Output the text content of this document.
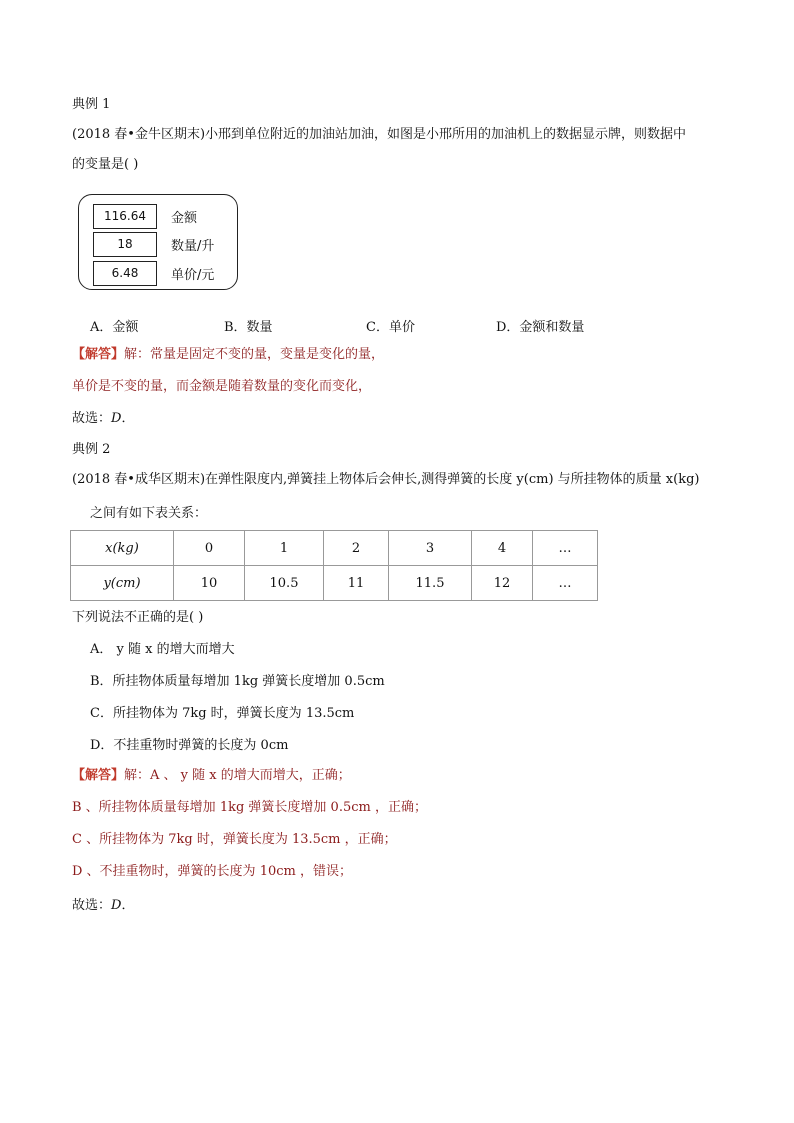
典例 1
(2018 春•金牛区期末)小邢到单位附近的加油站加油，如图是小邢所用的加油机上的数据显示牌，则数据中
的变量是( )
116.64	金额
18	数量/升
6.48	单价/元
A．金额	B．数量	C．单价	D．金额和数量
【解答】解：常量是固定不变的量，变量是变化的量，
单价是不变的量，而金额是随着数量的变化而变化，
故选：D．
典例 2
(2018 春•成华区期末)在弹性限度内,弹簧挂上物体后会伸长,测得弹簧的长度 y(cm) 与所挂物体的质量 x(kg)
之间有如下表关系：
x(kg)	0	1	2	3	4	…
y(cm)	10	10.5	11	11.5	12	…
下列说法不正确的是( )
A． y 随 x 的增大而增大
B．所挂物体质量每增加 1kg 弹簧长度增加 0.5cm
C．所挂物体为 7kg 时，弹簧长度为 13.5cm
D．不挂重物时弹簧的长度为 0cm
【解答】解：A 、 y 随 x 的增大而增大，正确；
B 、所挂物体质量每增加 1kg 弹簧长度增加 0.5cm ，正确；
C 、所挂物体为 7kg 时，弹簧长度为 13.5cm ，正确；
D 、不挂重物时，弹簧的长度为 10cm ，错误；
故选：D．
